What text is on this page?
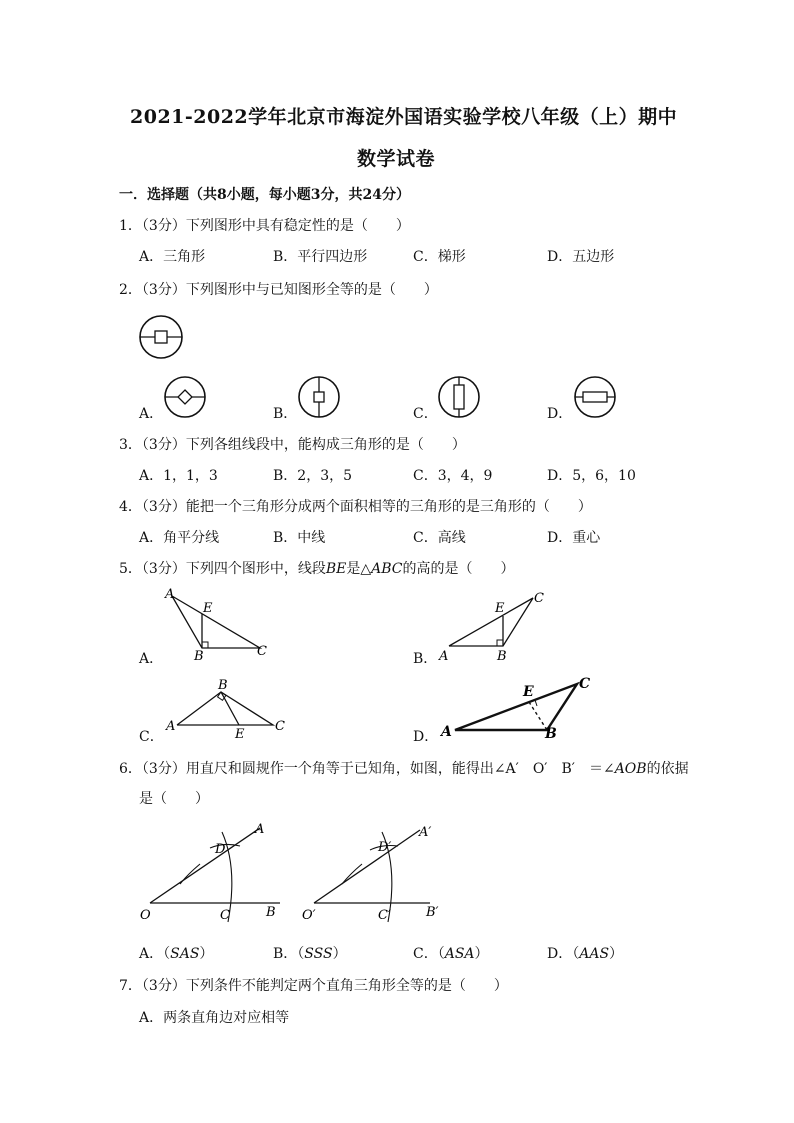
2021-2022学年北京市海淀外国语实验学校八年级（上）期中
数学试卷
一．选择题（共8小题，每小题3分，共24分）
1．（3分）下列图形中具有稳定性的是（　　）
A．三角形	B．平行四边形	C．梯形	D．五边形
2．（3分）下列图形中与已知图形全等的是（　　）
A．	B．	C．	D．
3．（3分）下列各组线段中，能构成三角形的是（　　）
A．1，1，3	B．2，3，5	C．3，4，9	D．5，6，10
4．（3分）能把一个三角形分成两个面积相等的三角形的是三角形的（　　）
A．角平分线	B．中线	C．高线	D．重心
5．（3分）下列四个图形中，线段BE是△ABC的高的是（　　）
A．
A
E
B	C	B． A
E
B
C
C．
A
B
E
C
D． A
E
B
C
6．（3分）用直尺和圆规作一个角等于已知角，如图，能得出∠A′　O′　B′　＝∠AOB的依据
是（　　）
O	C	B
D
A
O′	C′	B′
D′
A′
A．（SAS）	B．（SSS）	C．（ASA）	D．（AAS）
7．（3分）下列条件不能判定两个直角三角形全等的是（　　）
A．两条直角边对应相等
